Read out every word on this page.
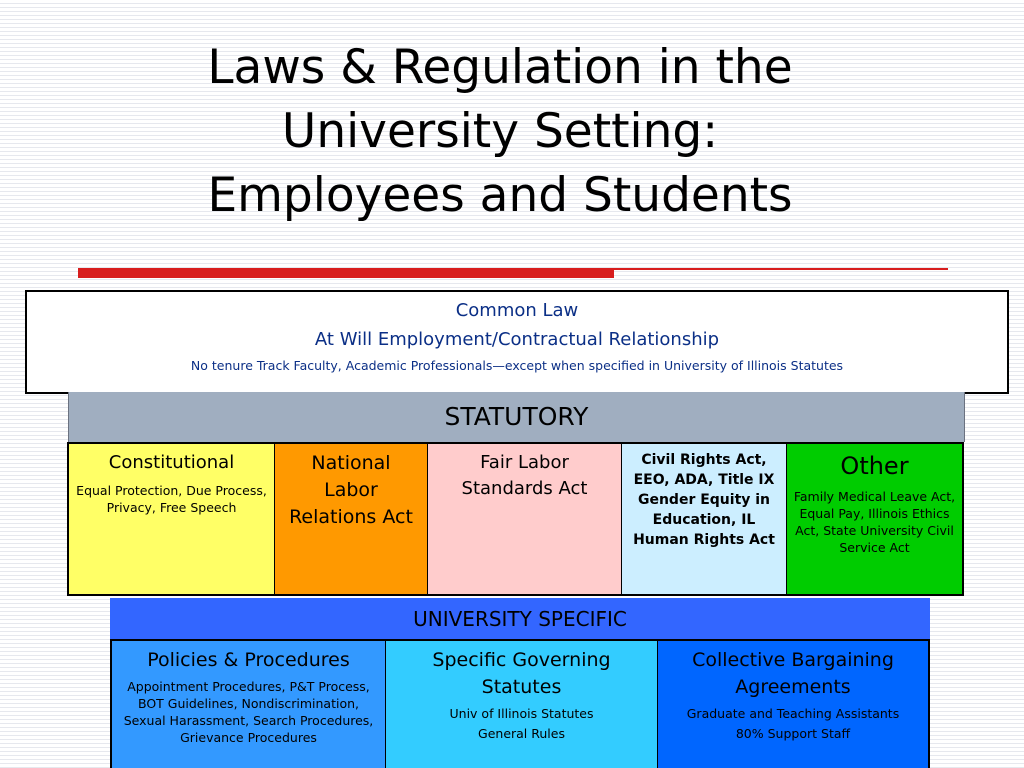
Laws & Regulation in the
University Setting:
Employees and Students
Common Law
At Will Employment/Contractual Relationship
No tenure Track Faculty, Academic Professionals—except when specified in University of Illinois Statutes
STATUTORY
Constitutional
Equal Protection, Due Process, Privacy, Free Speech
National Labor Relations Act
Fair Labor Standards Act
Civil Rights Act, EEO, ADA, Title IX Gender Equity in Education, IL Human Rights Act
Other
Family Medical Leave Act, Equal Pay, Illinois Ethics Act, State University Civil Service Act
UNIVERSITY SPECIFIC
Policies & Procedures
Appointment Procedures, P&T Process, BOT Guidelines, Nondiscrimination, Sexual Harassment, Search Procedures, Grievance Procedures
Specific Governing Statutes
Univ of Illinois Statutes
General Rules
Collective Bargaining Agreements
Graduate and Teaching Assistants
80% Support Staff
